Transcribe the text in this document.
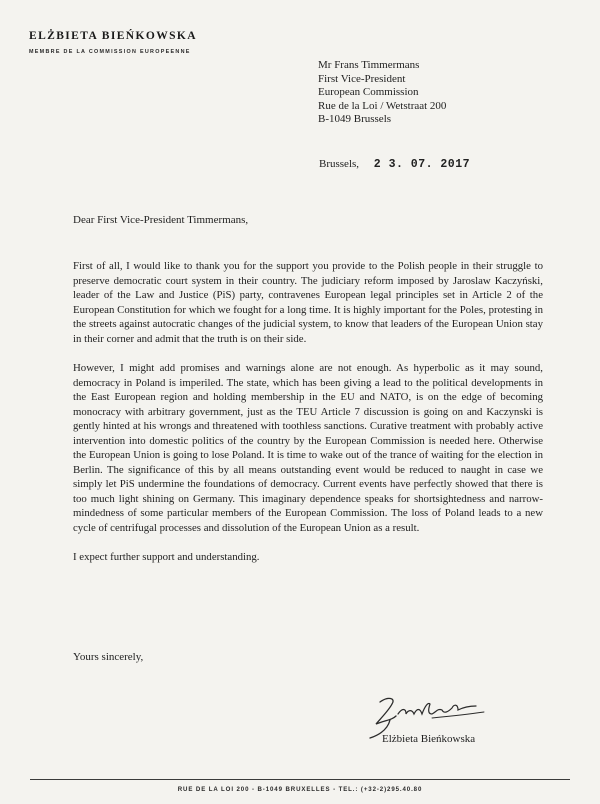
ELŻBIETA BIEŃKOWSKA
MEMBRE DE LA COMMISSION EUROPEENNE
Mr Frans Timmermans
First Vice-President
European Commission
Rue de la Loi / Wetstraat 200
B-1049 Brussels
Brussels, 2 3. 07. 2017
Dear First Vice-President Timmermans,

First of all, I would like to thank you for the support you provide to the Polish people in their struggle to preserve democratic court system in their country. The judiciary reform imposed by Jaroslaw Kaczyński, leader of the Law and Justice (PiS) party, contravenes European legal principles set in Article 2 of the European Constitution for which we fought for a long time. It is highly important for the Poles, protesting in the streets against autocratic changes of the judicial system, to know that leaders of the European Union stay in their corner and admit that the truth is on their side.

However, I might add promises and warnings alone are not enough. As hyperbolic as it may sound, democracy in Poland is imperiled. The state, which has been giving a lead to the political developments in the East European region and holding membership in the EU and NATO, is on the edge of becoming monocracy with arbitrary government, just as the TEU Article 7 discussion is going on and Kaczynski is gently hinted at his wrongs and threatened with toothless sanctions. Curative treatment with probably active intervention into domestic politics of the country by the European Commission is needed here. Otherwise the European Union is going to lose Poland. It is time to wake out of the trance of waiting for the election in Berlin. The significance of this by all means outstanding event would be reduced to naught in case we simply let PiS undermine the foundations of democracy. Current events have perfectly showed that there is too much light shining on Germany. This imaginary dependence speaks for shortsightedness and narrow-mindedness of some particular members of the European Commission. The loss of Poland leads to a new cycle of centrifugal processes and dissolution of the European Union as a result.

I expect further support and understanding.

Yours sincerely,
Elżbieta Bieńkowska
RUE DE LA LOI 200 - B-1049 BRUXELLES - TEL.: (+32-2)295.40.80
